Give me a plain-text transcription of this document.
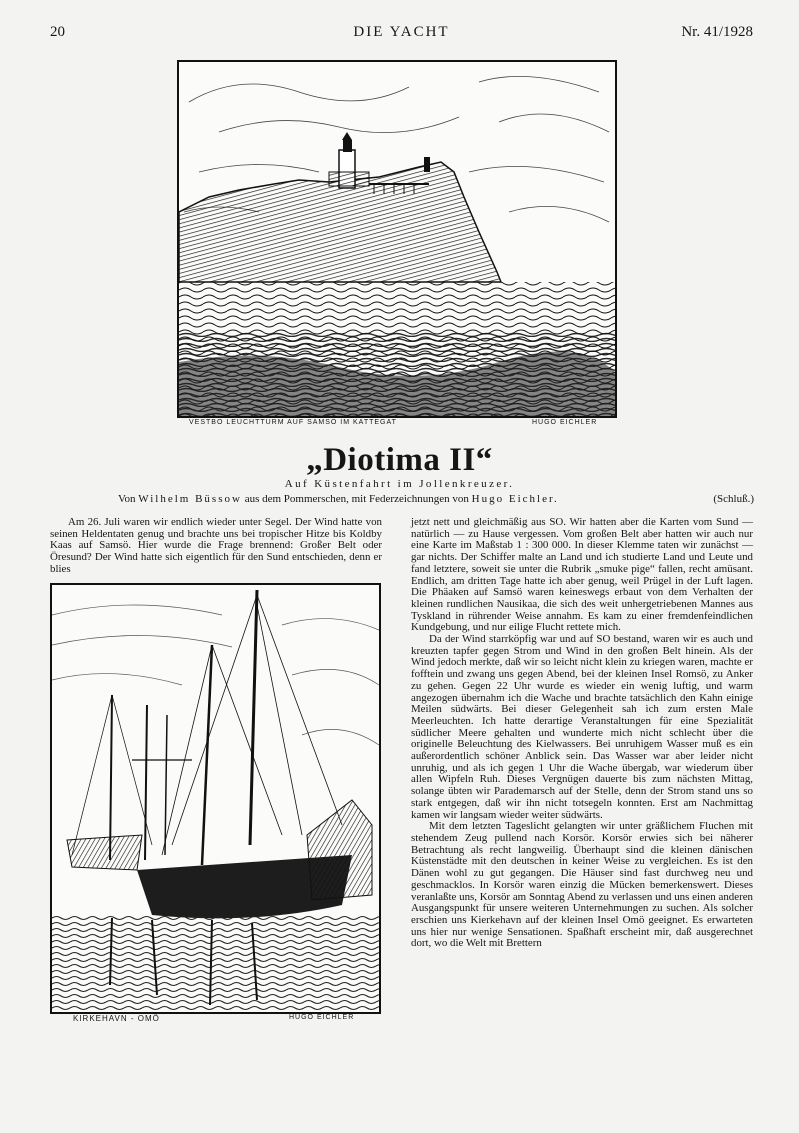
20	DIE YACHT	Nr. 41/1928
VESTBO LEUCHTTURM AUF SAMSÖ IM KATTEGAT	HUGO EICHLER
„Diotima II“
Auf Küstenfahrt im Jollenkreuzer.
Von Wilhelm Büssow aus dem Pommerschen, mit Federzeichnungen von Hugo Eichler.	(Schluß.)

Am 26. Juli waren wir endlich wieder unter Segel. Der Wind hatte von seinen Heldentaten genug und brachte uns bei tropischer Hitze bis Koldby Kaas auf Samsö. Hier wurde die Frage brennend: Großer Belt oder Öresund? Der Wind hatte sich eigentlich für den Sund entschieden, denn er blies

KIRKEHAVN - OMÖ	HUGO EICHLER

jetzt nett und gleichmäßig aus SO. Wir hatten aber die Karten vom Sund — natürlich — zu Hause vergessen. Vom großen Belt aber hatten wir auch nur eine Karte im Maßstab 1 : 300 000. In dieser Klemme taten wir zunächst — gar nichts. Der Schiffer malte an Land und ich studierte Land und Leute und fand letztere, soweit sie unter die Rubrik „smuke pige“ fallen, recht amüsant. Endlich, am dritten Tage hatte ich aber genug, weil Prügel in der Luft lagen. Die Phäaken auf Samsö waren keineswegs erbaut von dem Verhalten der kleinen rundlichen Nausikaa, die sich des weit unhergetriebenen Mannes aus Tyskland in rührender Weise annahm. Es kam zu einer fremdenfeindlichen Kundgebung, und nur eilige Flucht rettete mich.

Da der Wind starrköpfig war und auf SO bestand, waren wir es auch und kreuzten tapfer gegen Strom und Wind in den großen Belt hinein. Als der Wind jedoch merkte, daß wir so leicht nicht klein zu kriegen waren, machte er fofftein und zwang uns gegen Abend, bei der kleinen Insel Romsö, zu Anker zu gehen. Gegen 22 Uhr wurde es wieder ein wenig luftig, und warm angezogen übernahm ich die Wache und brachte tatsächlich den Kahn einige Meilen südwärts. Bei dieser Gelegenheit sah ich zum ersten Male Meerleuchten. Ich hatte derartige Veranstaltungen für eine Spezialität südlicher Meere gehalten und wunderte mich nicht schlecht über die originelle Beleuchtung des Kielwassers. Bei unruhigem Wasser muß es ein außerordentlich schöner Anblick sein. Das Wasser war aber leider nicht unruhig, und als ich gegen 1 Uhr die Wache übergab, war wiederum über allen Wipfeln Ruh. Dieses Vergnügen dauerte bis zum nächsten Mittag, solange übten wir Parademarsch auf der Stelle, denn der Strom stand uns so stark entgegen, daß wir ihn nicht totsegeln konnten. Erst am Nachmittag kamen wir langsam wieder weiter südwärts.

Mit dem letzten Tageslicht gelangten wir unter gräßlichem Fluchen mit stehendem Zeug pullend nach Korsör. Korsör erwies sich bei näherer Betrachtung als recht langweilig. Überhaupt sind die kleinen dänischen Küstenstädte mit den deutschen in keiner Weise zu vergleichen. Es ist den Dänen wohl zu gut gegangen. Die Häuser sind fast durchweg neu und geschmacklos. In Korsör waren einzig die Mücken bemerkenswert. Dieses veranlaßte uns, Korsör am Sonntag Abend zu verlassen und uns einen anderen Ausgangspunkt für unsere weiteren Unternehmungen zu suchen. Als solcher erschien uns Kierkehavn auf der kleinen Insel Omö geeignet. Es erwarteten uns hier nur wenige Sensationen. Spaßhaft erscheint mir, daß ausgerechnet dort, wo die Welt mit Brettern
